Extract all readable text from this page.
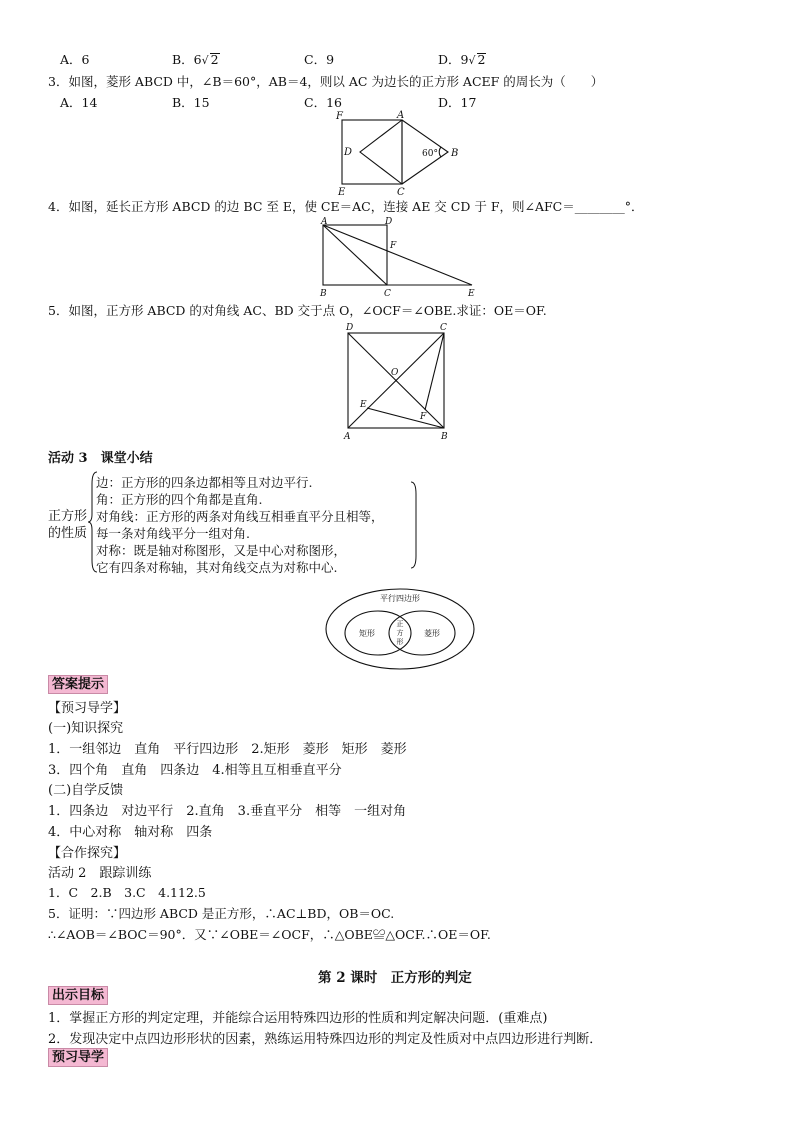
A．6	B．6√ 2	C．9	D．9√ 2
3．如图，菱形 ABCD 中，∠B＝60°，AB＝4，则以 AC 为边长的正方形 ACEF 的周长为（　　）
A．14	B．15	C．16	D．17
F	A
D	B
E	C
60°
4．如图，延长正方形 ABCD 的边 BC 至 E，使 CE＝AC，连接 AE 交 CD 于 F，则∠AFC＝________°．
A	D
F
B	C	E
5．如图，正方形 ABCD 的对角线 AC、BD 交于点 O，∠OCF＝∠OBE.求证：OE＝OF.
D	C
O
E
F
A	B
活动 3　课堂小结
正方形
的性质
边：正方形的四条边都相等且对边平行.
角：正方形的四个角都是直角.
对角线：正方形的两条对角线互相垂直平分且相等，
每一条对角线平分一组对角.
对称：既是轴对称图形，又是中心对称图形，
它有四条对称轴，其对角线交点为对称中心.
平行四边形
矩形	菱形
正
方
形
答案提示
【预习导学】
(一)知识探究
1．一组邻边　直角　平行四边形　2.矩形　菱形　矩形　菱形
3．四个角　直角　四条边　4.相等且互相垂直平分
(二)自学反馈
1．四条边　对边平行　2.直角　3.垂直平分　相等　一组对角
4．中心对称　轴对称　四条
【合作探究】
活动 2　跟踪训练
1．C　2.B　3.C　4.112.5
5．证明：∵四边形 ABCD 是正方形，∴AC⊥BD，OB＝OC.
∴∠AOB＝∠BOC＝90°．又∵∠OBE＝∠OCF，∴△OBE≌△OCF.∴OE＝OF.
第 2 课时　正方形的判定
出示目标
1．掌握正方形的判定定理，并能综合运用特殊四边形的性质和判定解决问题．(重难点)
2．发现决定中点四边形形状的因素，熟练运用特殊四边形的判定及性质对中点四边形进行判断．
预习导学
